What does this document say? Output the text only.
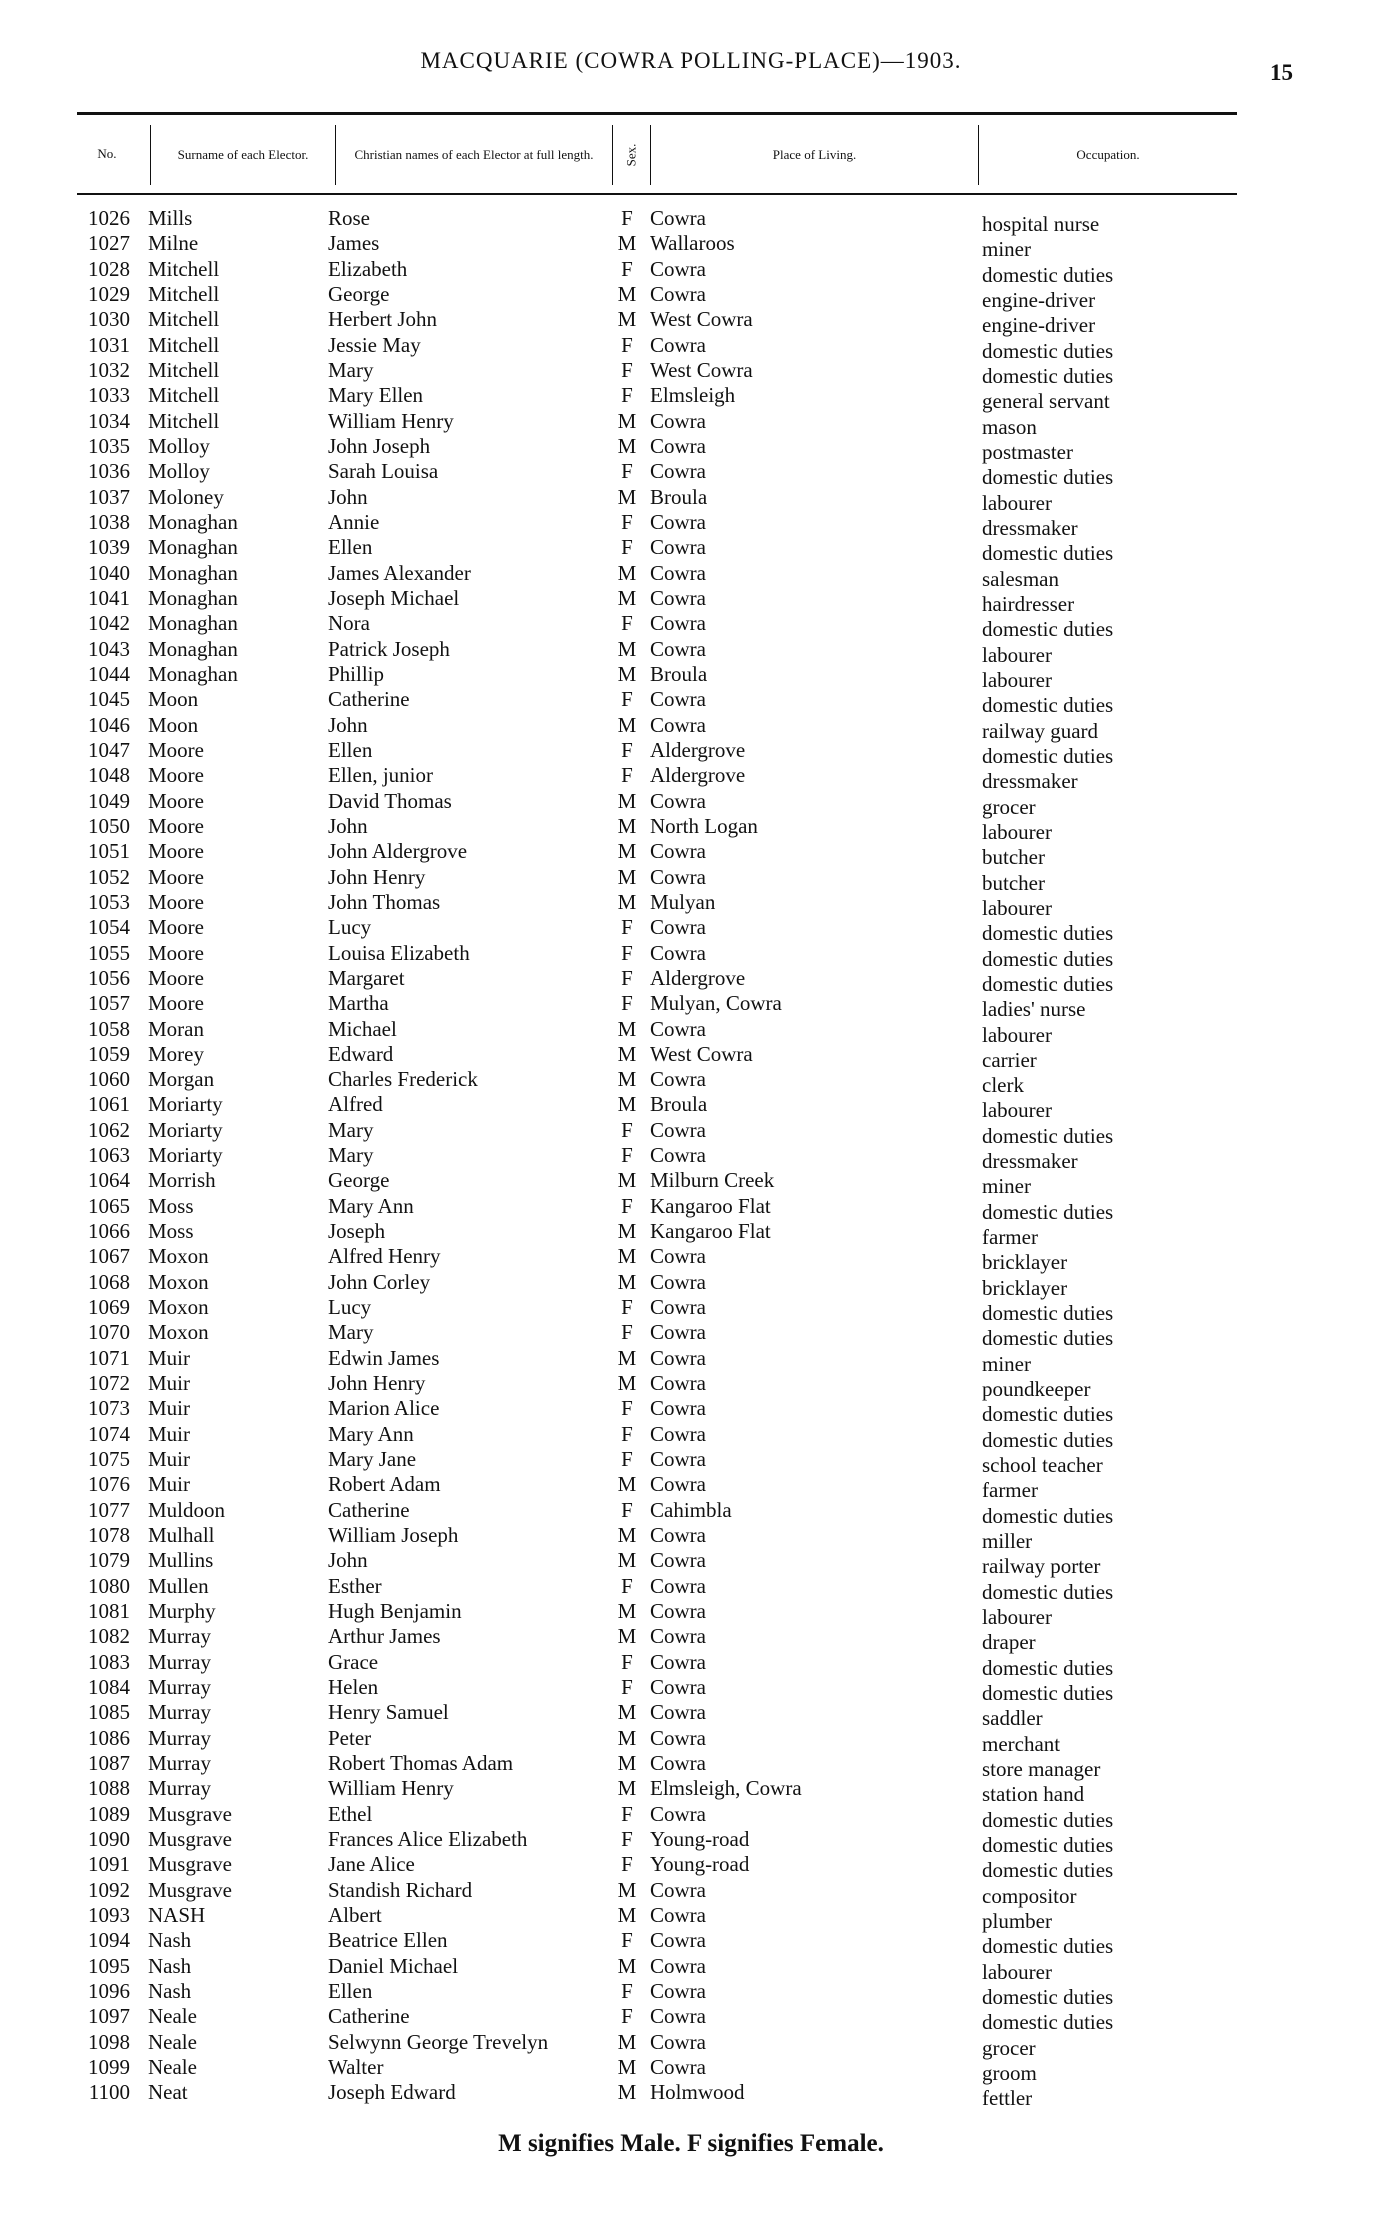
MACQUARIE (COWRA POLLING-PLACE)—1903.	15
No.	Surname of each Elector.	Christian names of each Elector at full length.	Sex.	Place of Living.	Occupation.
1026 Mills	Rose	F Cowra	hospital nurse
1027 Milne	James	M Wallaroos	miner
1028 Mitchell	Elizabeth	F Cowra	domestic duties
1029 Mitchell	George	M Cowra	engine-driver
1030 Mitchell	Herbert John	M West Cowra	engine-driver
1031 Mitchell	Jessie May	F Cowra	domestic duties
1032 Mitchell	Mary	F West Cowra	domestic duties
1033 Mitchell	Mary Ellen	F Elmsleigh	general servant
1034 Mitchell	William Henry	M Cowra	mason
1035 Molloy	John Joseph	M Cowra	postmaster
1036 Molloy	Sarah Louisa	F Cowra	domestic duties
1037 Moloney	John	M Broula	labourer
1038 Monaghan	Annie	F Cowra	dressmaker
1039 Monaghan	Ellen	F Cowra	domestic duties
1040 Monaghan	James Alexander	M Cowra	salesman
1041 Monaghan	Joseph Michael	M Cowra	hairdresser
1042 Monaghan	Nora	F Cowra	domestic duties
1043 Monaghan	Patrick Joseph	M Cowra	labourer
1044 Monaghan	Phillip	M Broula	labourer
1045 Moon	Catherine	F Cowra	domestic duties
1046 Moon	John	M Cowra	railway guard
1047 Moore	Ellen	F Aldergrove	domestic duties
1048 Moore	Ellen, junior	F Aldergrove	dressmaker
1049 Moore	David Thomas	M Cowra	grocer
1050 Moore	John	M North Logan	labourer
1051 Moore	John Aldergrove	M Cowra	butcher
1052 Moore	John Henry	M Cowra	butcher
1053 Moore	John Thomas	M Mulyan	labourer
1054 Moore	Lucy	F Cowra	domestic duties
1055 Moore	Louisa Elizabeth	F Cowra	domestic duties
1056 Moore	Margaret	F Aldergrove	domestic duties
1057 Moore	Martha	F Mulyan, Cowra	ladies' nurse
1058 Moran	Michael	M Cowra	labourer
1059 Morey	Edward	M West Cowra	carrier
1060 Morgan	Charles Frederick	M Cowra	clerk
1061 Moriarty	Alfred	M Broula	labourer
1062 Moriarty	Mary	F Cowra	domestic duties
1063 Moriarty	Mary	F Cowra	dressmaker
1064 Morrish	George	M Milburn Creek	miner
1065 Moss	Mary Ann	F Kangaroo Flat	domestic duties
1066 Moss	Joseph	M Kangaroo Flat	farmer
1067 Moxon	Alfred Henry	M Cowra	bricklayer
1068 Moxon	John Corley	M Cowra	bricklayer
1069 Moxon	Lucy	F Cowra	domestic duties
1070 Moxon	Mary	F Cowra	domestic duties
1071 Muir	Edwin James	M Cowra	miner
1072 Muir	John Henry	M Cowra	poundkeeper
1073 Muir	Marion Alice	F Cowra	domestic duties
1074 Muir	Mary Ann	F Cowra	domestic duties
1075 Muir	Mary Jane	F Cowra	school teacher
1076 Muir	Robert Adam	M Cowra	farmer
1077 Muldoon	Catherine	F Cahimbla	domestic duties
1078 Mulhall	William Joseph	M Cowra	miller
1079 Mullins	John	M Cowra	railway porter
1080 Mullen	Esther	F Cowra	domestic duties
1081 Murphy	Hugh Benjamin	M Cowra	labourer
1082 Murray	Arthur James	M Cowra	draper
1083 Murray	Grace	F Cowra	domestic duties
1084 Murray	Helen	F Cowra	domestic duties
1085 Murray	Henry Samuel	M Cowra	saddler
1086 Murray	Peter	M Cowra	merchant
1087 Murray	Robert Thomas Adam	M Cowra	store manager
1088 Murray	William Henry	M Elmsleigh, Cowra	station hand
1089 Musgrave	Ethel	F Cowra	domestic duties
1090 Musgrave	Frances Alice Elizabeth	F Young-road	domestic duties
1091 Musgrave	Jane Alice	F Young-road	domestic duties
1092 Musgrave	Standish Richard	M Cowra	compositor
1093 NASH	Albert	M Cowra	plumber
1094 Nash	Beatrice Ellen	F Cowra	domestic duties
1095 Nash	Daniel Michael	M Cowra	labourer
1096 Nash	Ellen	F Cowra	domestic duties
1097 Neale	Catherine	F Cowra	domestic duties
1098 Neale	Selwynn George Trevelyn	M Cowra	grocer
1099 Neale	Walter	M Cowra	groom
1100 Neat	Joseph Edward	M Holmwood	fettler
M signifies Male. F signifies Female.
